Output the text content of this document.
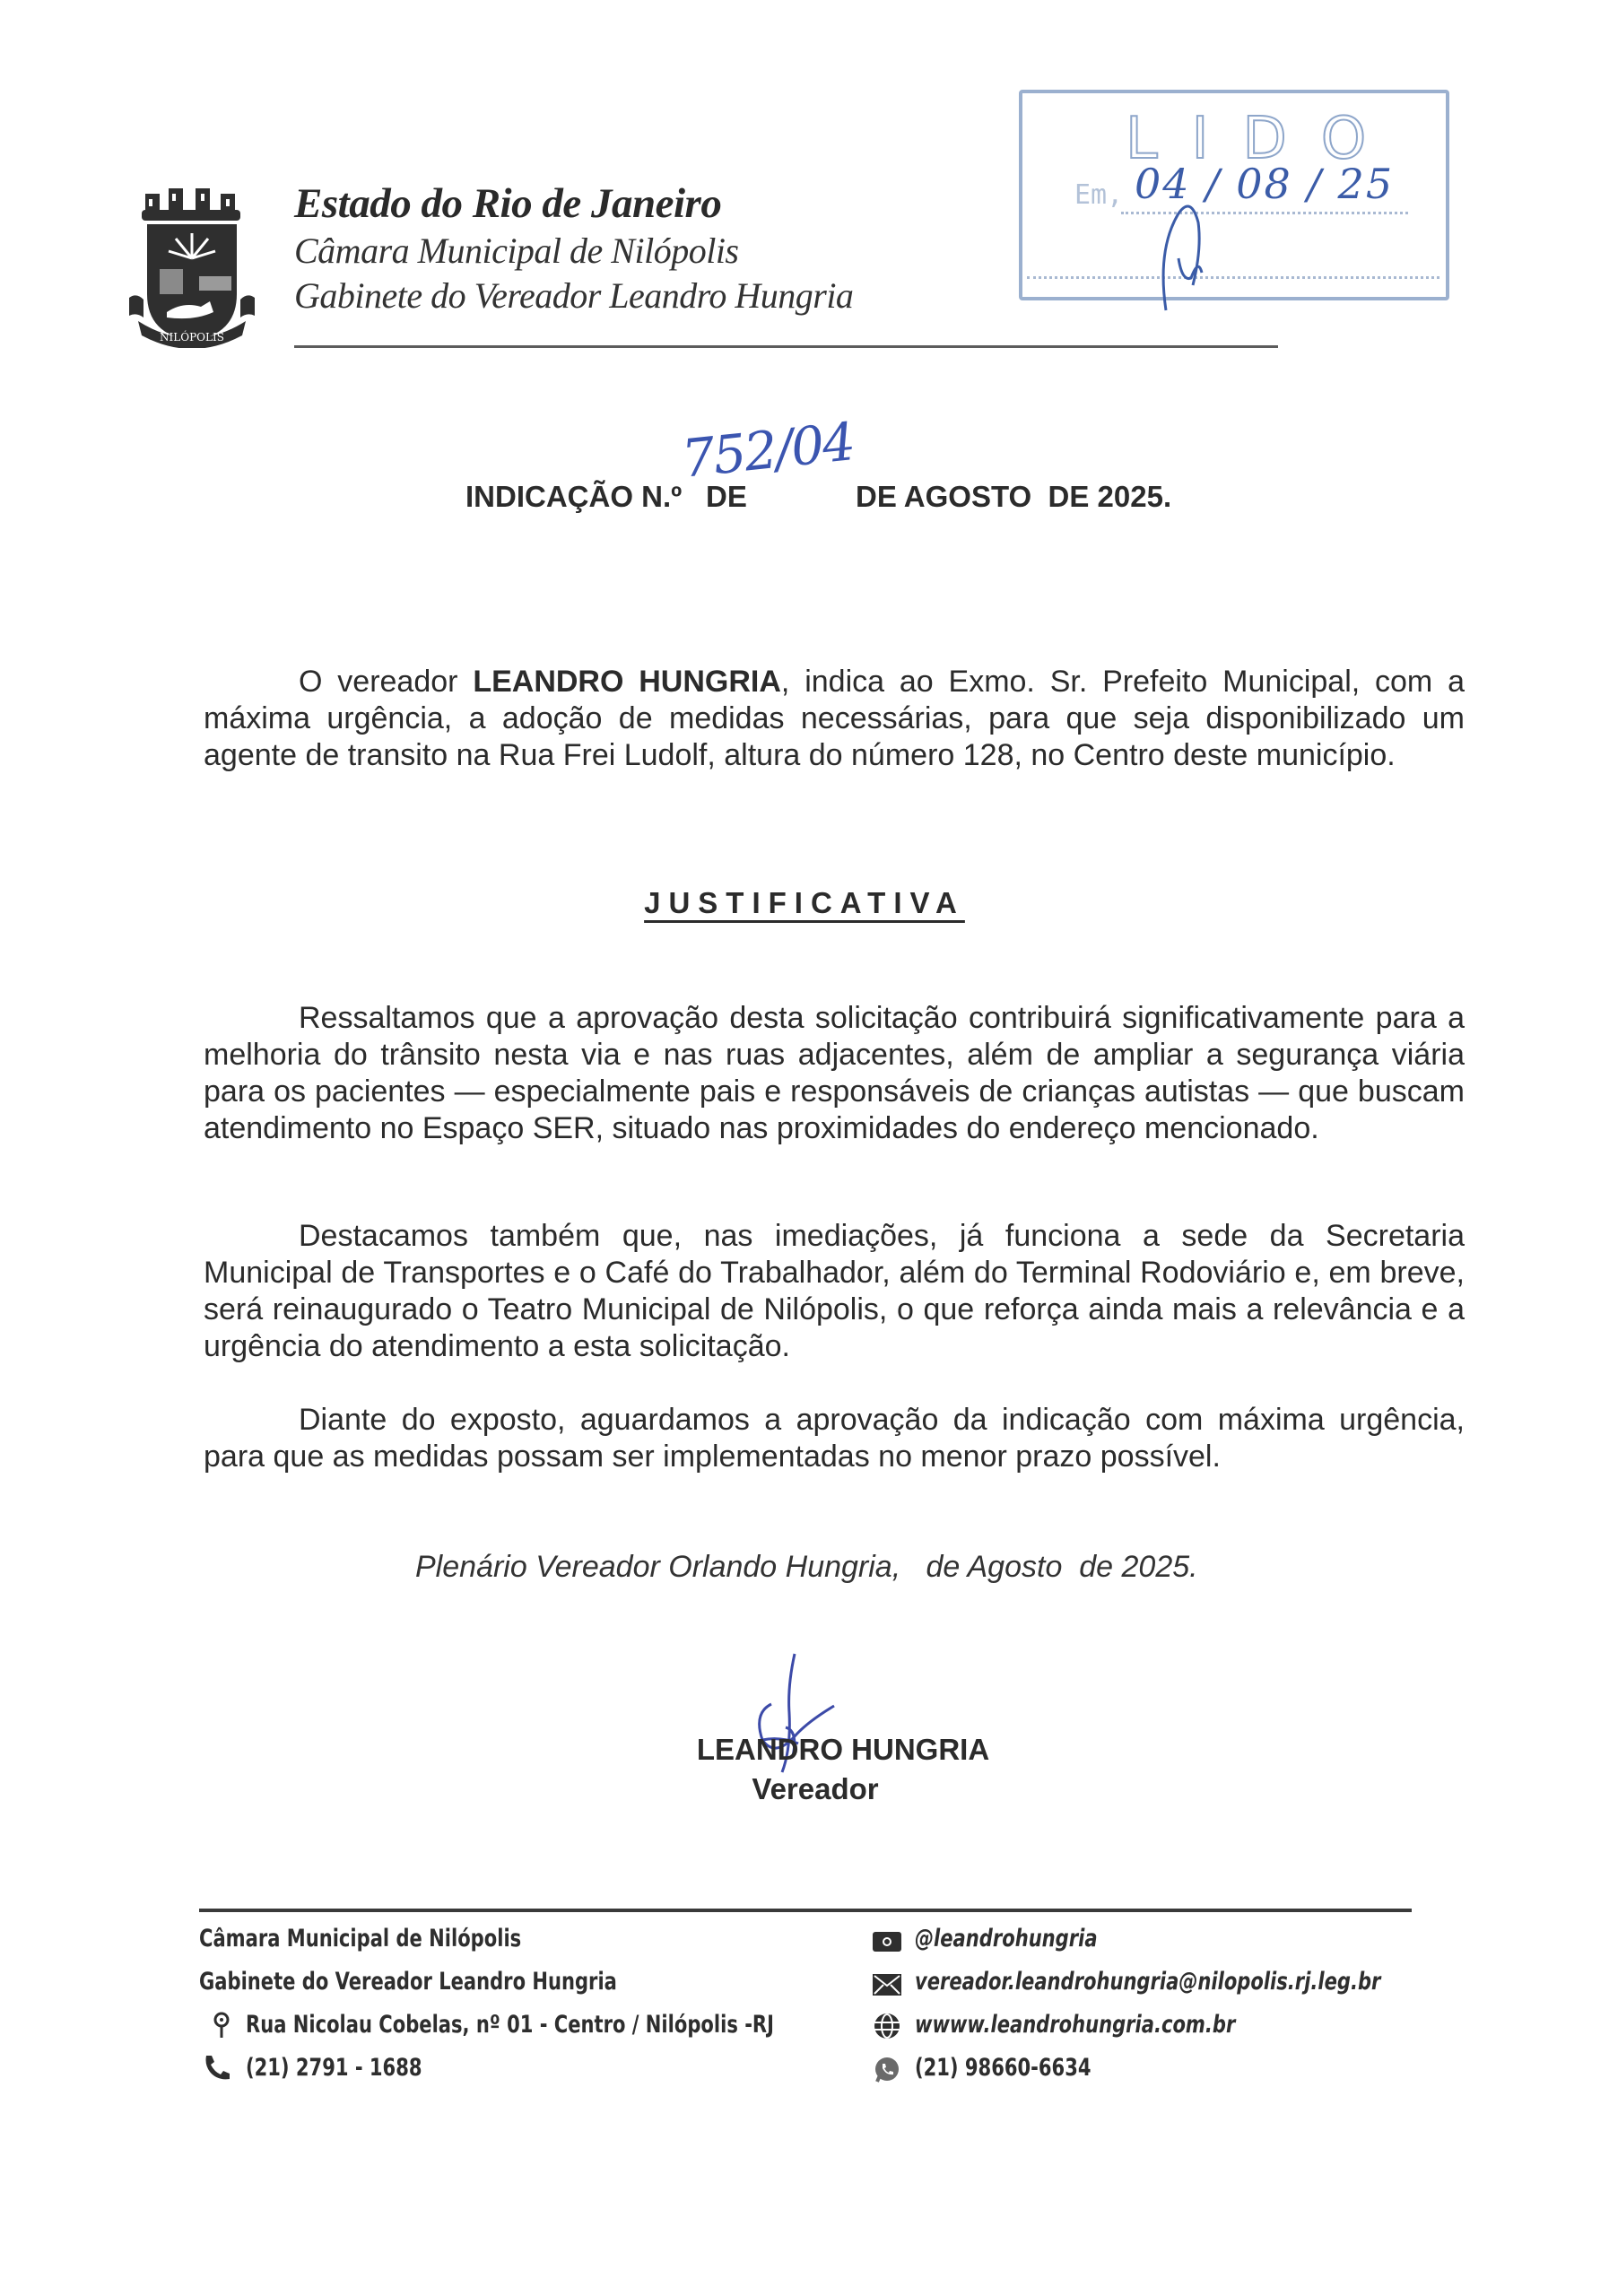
NILÓPOLIS
Estado do Rio de Janeiro
Câmara Municipal de Nilópolis
Gabinete do Vereador Leandro Hungria
LIDO
Em, 04 / 08 / 25
752/04
INDICAÇÃO N.º DE	DE AGOSTO  DE 2025.
O vereador LEANDRO HUNGRIA, indica ao Exmo. Sr. Prefeito Municipal, com a máxima urgência, a adoção de medidas necessárias, para que seja disponibilizado um agente de transito na Rua Frei Ludolf, altura do número 128, no Centro deste município.
JUSTIFICATIVA
Ressaltamos que a aprovação desta solicitação contribuirá significativamente para a melhoria do trânsito nesta via e nas ruas adjacentes, além de ampliar a segurança viária para os pacientes — especialmente pais e responsáveis de crianças autistas — que buscam atendimento no Espaço SER, situado nas proximidades do endereço mencionado.
Destacamos também que, nas imediações, já funciona a sede da Secretaria Municipal de Transportes e o Café do Trabalhador, além do Terminal Rodoviário e, em breve, será reinaugurado o Teatro Municipal de Nilópolis, o que reforça ainda mais a relevância e a urgência do atendimento a esta solicitação.
Diante do exposto, aguardamos a aprovação da indicação com máxima urgência, para que as medidas possam ser implementadas no menor prazo possível.
Plenário Vereador Orlando Hungria,   de Agosto  de 2025.
LEANDRO HUNGRIA
Vereador
Câmara Municipal de Nilópolis
Gabinete do Vereador Leandro Hungria
Rua Nicolau Cobelas, nº 01 - Centro / Nilópolis -RJ
(21) 2791 - 1688
@leandrohungria
vereador.leandrohungria@nilopolis.rj.leg.br
wwww.leandrohungria.com.br
(21) 98660-6634
